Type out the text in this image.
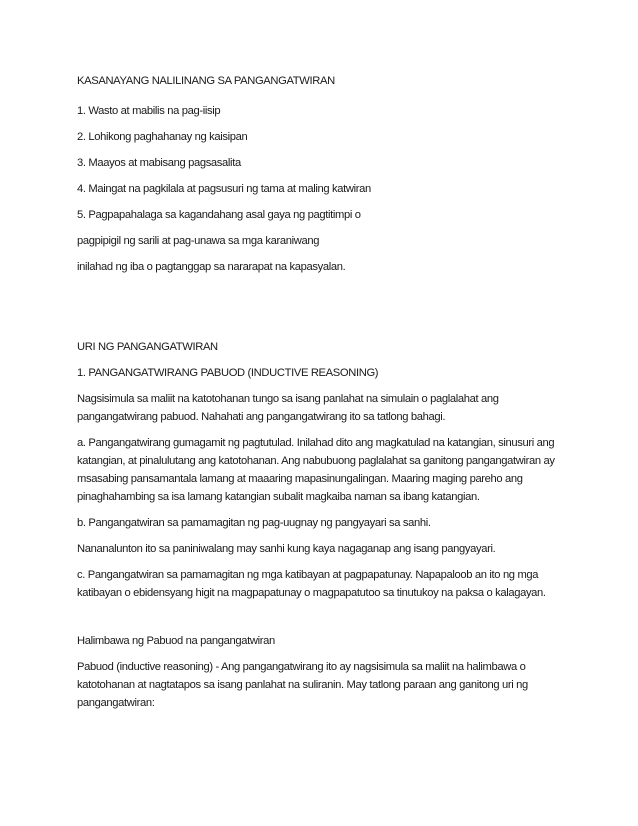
KASANAYANG NALILINANG SA PANGANGATWIRAN

1. Wasto at mabilis na pag-iisip

2. Lohikong paghahanay ng kaisipan

3. Maayos at mabisang pagsasalita

4. Maingat na pagkilala at pagsusuri ng tama at maling katwiran

5. Pagpapahalaga sa kagandahang asal gaya ng pagtitimpi o

pagpipigil ng sarili at pag-unawa sa mga karaniwang

inilahad ng iba o pagtanggap sa nararapat na kapasyalan.

URI NG PANGANGATWIRAN

1. PANGANGATWIRANG PABUOD (INDUCTIVE REASONING)

Nagsisimula sa maliit na katotohanan tungo sa isang panlahat na simulain o paglalahat ang

pangangatwirang pabuod. Nahahati ang pangangatwirang ito sa tatlong bahagi.

a. Pangangatwirang gumagamit ng pagtutulad. Inilahad dito ang magkatulad na katangian, sinusuri ang

katangian, at pinalulutang ang katotohanan. Ang nabubuong paglalahat sa ganitong pangangatwiran ay

msasabing pansamantala lamang at maaaring mapasinungalingan. Maaring maging pareho ang

pinaghahambing sa isa lamang katangian subalit magkaiba naman sa ibang katangian.

b. Pangangatwiran sa pamamagitan ng pag-uugnay ng pangyayari sa sanhi.

Nananalunton ito sa paniniwalang may sanhi kung kaya nagaganap ang isang pangyayari.

c. Pangangatwiran sa pamamagitan ng mga katibayan at pagpapatunay. Napapaloob an ito ng mga

katibayan o ebidensyang higit na magpapatunay o magpapatutoo sa tinutukoy na paksa o kalagayan.

Halimbawa ng Pabuod na pangangatwiran

Pabuod (inductive reasoning) - Ang pangangatwirang ito ay nagsisimula sa maliit na halimbawa o

katotohanan at nagtatapos sa isang panlahat na suliranin. May tatlong paraan ang ganitong uri ng

pangangatwiran:
